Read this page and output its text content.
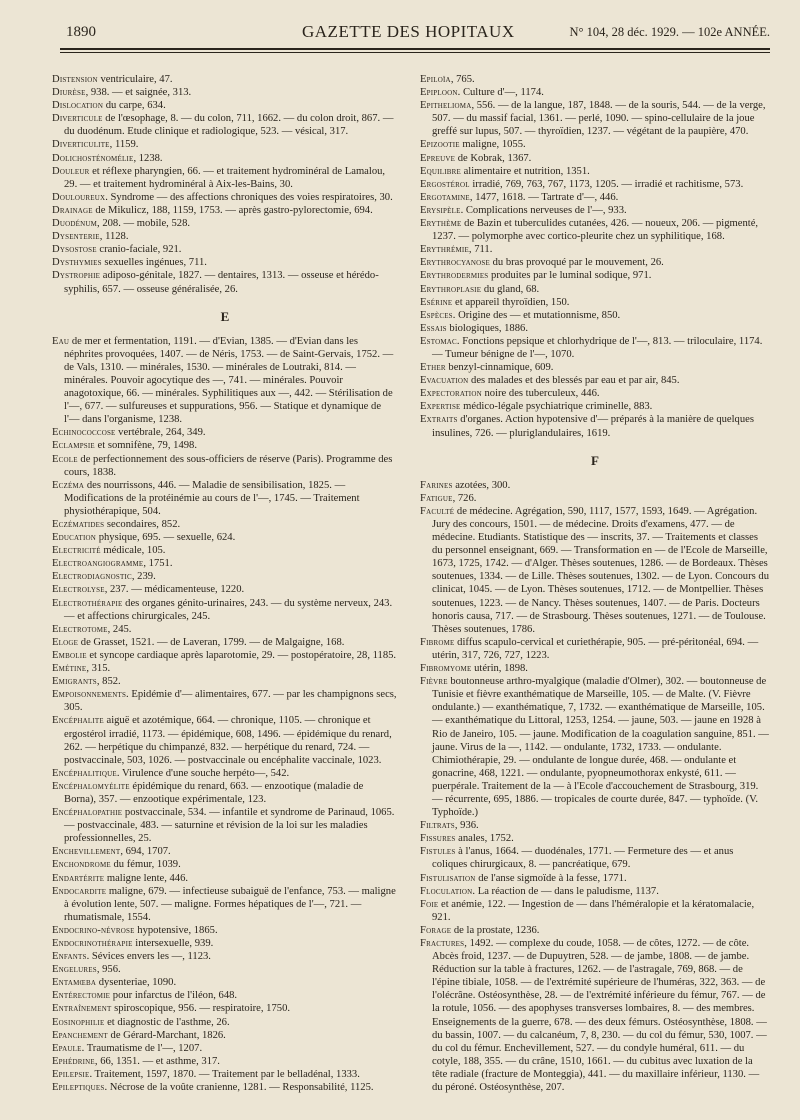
1890	GAZETTE DES HOPITAUX	N° 104, 28 déc. 1929. — 102e ANNÉE.

Distension ventriculaire, 47.

Diurèse, 938. — et saignée, 313.

Dislocation du carpe, 634.

Diverticule de l'œsophage, 8. — du colon, 711, 1662. — du colon droit, 867. — du duodénum. Etude clinique et radiologique, 523. — vésical, 317.

Diverticulite, 1159.

Dolichosténomélie, 1238.

Douleur et réflexe pharyngien, 66. — et traitement hydrominéral de Lamalou, 29. — et traitement hydrominéral à Aix-les-Bains, 30.

Douloureux. Syndrome — des affections chroniques des voies respiratoires, 30.

Drainage de Mikulicz, 188, 1159, 1753. — après gastro-pylorectomie, 694.

Duodénum, 208. — mobile, 528.

Dysenterie, 1128.

Dysostose cranio-faciale, 921.

Dysthymies sexuelles ingénues, 711.

Dystrophie adiposo-génitale, 1827. — dentaires, 1313. — osseuse et hérédo-syphilis, 657. — osseuse généralisée, 26.

E

Eau de mer et fermentation, 1191. — d'Evian, 1385. — d'Evian dans les néphrites provoquées, 1407. — de Néris, 1753. — de Saint-Gervais, 1752. — de Vals, 1310. — minérales, 1530. — minérales de Loutraki, 814. — minérales. Pouvoir agocytique des —, 741. — minérales. Pouvoir anagotoxique, 66. — minérales. Syphilitiques aux —, 442. — Stérilisation de l'—, 677. — sulfureuses et suppurations, 956. — Statique et dynamique de l'— dans l'organisme, 1238.

Echinococcose vertébrale, 264, 349.

Eclampsie et somnifène, 79, 1498.

Ecole de perfectionnement des sous-officiers de réserve (Paris). Programme des cours, 1838.

Eczéma des nourrissons, 446. — Maladie de sensibilisation, 1825. — Modifications de la protéinémie au cours de l'—, 1745. — Traitement physiothérapique, 504.

Eczématides secondaires, 852.

Education physique, 695. — sexuelle, 624.

Electricité médicale, 105.

Electroangiogramme, 1751.

Electrodiagnostic, 239.

Electrolyse, 237. — médicamenteuse, 1220.

Electrothérapie des organes génito-urinaires, 243. — du système nerveux, 243. — et affections chirurgicales, 245.

Electrotome, 245.

Eloge de Grasset, 1521. — de Laveran, 1799. — de Malgaigne, 168.

Embolie et syncope cardiaque après laparotomie, 29. — postopératoire, 28, 1185.

Emétine, 315.

Emigrants, 852.

Empoisonnements. Epidémie d'— alimentaires, 677. — par les champignons secs, 305.

Encéphalite aiguë et azotémique, 664. — chronique, 1105. — chronique et ergostérol irradié, 1173. — épidémique, 608, 1496. — épidémique du renard, 262. — herpétique du chimpanzé, 832. — herpétique du renard, 724. — postvaccinale, 503, 1026. — postvaccinale ou encéphalite vaccinale, 1023.

Encéphalitique. Virulence d'une souche herpéto—, 542.

Encéphalomyélite épidémique du renard, 663. — enzootique (maladie de Borna), 357. — enzootique expérimentale, 123.

Encéphalopathie postvaccinale, 534. — infantile et syndrome de Parinaud, 1065. — postvaccinale, 483. — saturnine et révision de la loi sur les maladies professionnelles, 25.

Enchevillement, 694, 1707.

Enchondrome du fémur, 1039.

Endartérite maligne lente, 446.

Endocardite maligne, 679. — infectieuse subaiguë de l'enfance, 753. — maligne à évolution lente, 507. — maligne. Formes hépatiques de l'—, 721. — rhumatismale, 1554.

Endocrino-névrose hypotensive, 1865.

Endocrinothérapie intersexuelle, 939.

Enfants. Sévices envers les —, 1123.

Engelures, 956.

Entamœba dysenteriae, 1090.

Entérectomie pour infarctus de l'iléon, 648.

Entraînement spiroscopique, 956. — respiratoire, 1750.

Eosinophilie et diagnostic de l'asthme, 26.

Epanchement de Gérard-Marchant, 1826.

Epaule. Traumatisme de l'—, 1207.

Ephédrine, 66, 1351. — et asthme, 317.

Epilepsie. Traitement, 1597, 1870. — Traitement par le belladénal, 1333.

Epileptiques. Nécrose de la voûte cranienne, 1281. — Responsabilité, 1125.

Epiloïa, 765.

Epiploon. Culture d'—, 1174.

Epithelioma, 556. — de la langue, 187, 1848. — de la souris, 544. — de la verge, 507. — du massif facial, 1361. — perlé, 1090. — spino-cellulaire de la joue greffé sur lupus, 507. — thyroïdien, 1237. — végétant de la paupière, 470.

Epizootie maligne, 1055.

Epreuve de Kobrak, 1367.

Equilibre alimentaire et nutrition, 1351.

Ergostérol irradié, 769, 763, 767, 1173, 1205. — irradié et rachitisme, 573.

Ergotamine, 1477, 1618. — Tartrate d'—, 446.

Erysipèle. Complications nerveuses de l'—, 933.

Erythème de Bazin et tuberculides cutanées, 426. — noueux, 206. — pigmenté, 1237. — polymorphe avec cortico-pleurite chez un syphilitique, 168.

Erythrémie, 711.

Erythrocyanose du bras provoqué par le mouvement, 26.

Erythrodermies produites par le luminal sodique, 971.

Erythroplasie du gland, 68.

Esérine et appareil thyroïdien, 150.

Espèces. Origine des — et mutationnisme, 850.

Essais biologiques, 1886.

Estomac. Fonctions pepsique et chlorhydrique de l'—, 813. — triloculaire, 1174. — Tumeur bénigne de l'—, 1070.

Ether benzyl-cinnamique, 609.

Evacuation des malades et des blessés par eau et par air, 845.

Expectoration noire des tuberculeux, 446.

Expertise médico-légale psychiatrique criminelle, 883.

Extraits d'organes. Action hypotensive d'— préparés à la manière de quelques insulines, 726. — pluriglandulaires, 1619.

F

Farines azotées, 300.

Fatigue, 726.

Faculté de médecine. Agrégation, 590, 1117, 1577, 1593, 1649. — Agrégation. Jury des concours, 1501. — de médecine. Droits d'examens, 477. — de médecine. Etudiants. Statistique des — inscrits, 37. — Traitements et classes du personnel enseignant, 669. — Transformation en — de l'Ecole de Marseille, 1673, 1725, 1742. — d'Alger. Thèses soutenues, 1286. — de Bordeaux. Thèses soutenues, 1334. — de Lille. Thèses soutenues, 1302. — de Lyon. Concours du clinicat, 1045. — de Lyon. Thèses soutenues, 1712. — de Montpellier. Thèses soutenues, 1223. — de Nancy. Thèses soutenues, 1407. — de Paris. Docteurs honoris causa, 717. — de Strasbourg. Thèses soutenues, 1271. — de Toulouse. Thèses soutenues, 1786.

Fibrome diffus scapulo-cervical et curiethérapie, 905. — pré-péritonéal, 694. — utérin, 317, 726, 727, 1223.

Fibromyome utérin, 1898.

Fièvre boutonneuse arthro-myalgique (maladie d'Olmer), 302. — boutonneuse de Tunisie et fièvre exanthématique de Marseille, 105. — de Malte. (V. Fièvre ondulante.) — exanthématique, 7, 1732. — exanthématique de Marseille, 105. — exanthématique du Littoral, 1253, 1254. — jaune, 503. — jaune en 1928 à Rio de Janeiro, 105. — jaune. Modification de la coagulation sanguine, 851. — jaune. Virus de la —, 1142. — ondulante, 1732, 1733. — ondulante. Chimiothérapie, 29. — ondulante de longue durée, 468. — ondulante et gonacrine, 468, 1221. — ondulante, pyopneumothorax enkysté, 611. — puerpérale. Traitement de la — à l'Ecole d'accouchement de Strasbourg, 319. — récurrente, 695, 1886. — tropicales de courte durée, 847. — typhoïde. (V. Typhoïde.)

Filtrats, 936.

Fissures anales, 1752.

Fistules à l'anus, 1664. — duodénales, 1771. — Fermeture des — et anus coliques chirurgicaux, 8. — pancréatique, 679.

Fistulisation de l'anse sigmoïde à la fesse, 1771.

Floculation. La réaction de — dans le paludisme, 1137.

Foie et anémie, 122. — Ingestion de — dans l'héméralopie et la kératomalacie, 921.

Forage de la prostate, 1236.

Fractures, 1492. — complexe du coude, 1058. — de côtes, 1272. — de côte. Abcès froid, 1237. — de Dupuytren, 528. — de jambe, 1808. — de jambe. Réduction sur la table à fractures, 1262. — de l'astragale, 769, 868. — de l'épine tibiale, 1058. — de l'extrémité supérieure de l'huméras, 322, 363. — de l'olécrâne. Ostéosynthèse, 28. — de l'extrémité inférieure du fémur, 767. — de la rotule, 1056. — des apophyses transverses lombaires, 8. — des membres. Enseignements de la guerre, 678. — des deux fémurs. Ostéosynthèse, 1808. — du bassin, 1007. — du calcanéum, 7, 8, 230. — du col du fémur, 530, 1007. — du col du fémur. Enchevillement, 527. — du condyle huméral, 611. — du cotyle, 188, 355. — du crâne, 1510, 1661. — du cubitus avec luxation de la tête radiale (fracture de Monteggia), 441. — du maxillaire inférieur, 1130. — du péroné. Ostéosynthèse, 207.
